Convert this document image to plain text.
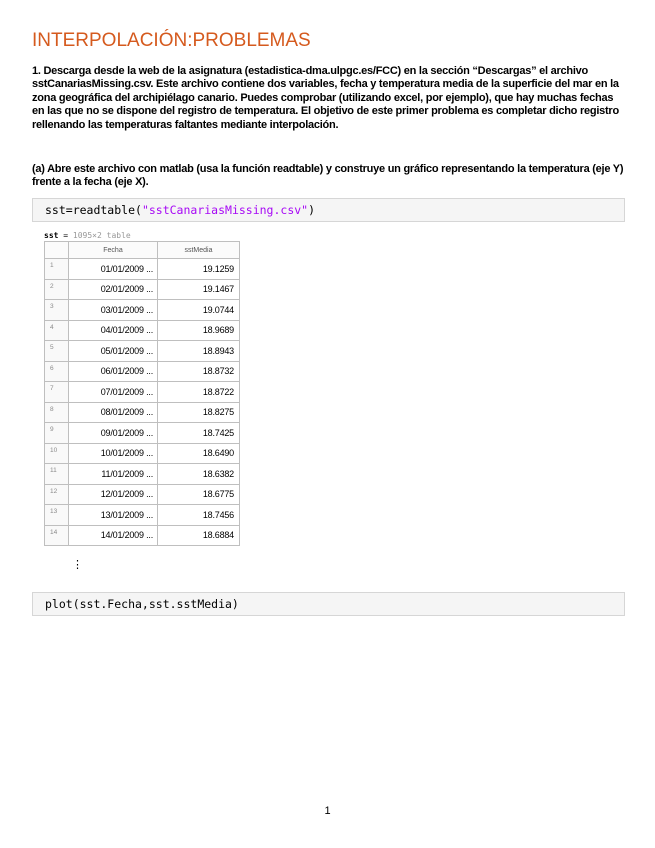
INTERPOLACIÓN:PROBLEMAS
1. Descarga desde la web de la asignatura (estadistica-dma.ulpgc.es/FCC) en la sección “Descargas” el archivo sstCanariasMissing.csv. Este archivo contiene dos variables, fecha y temperatura media de la superficie del mar en la zona geográfica del archipiélago canario. Puedes comprobar (utilizando excel, por ejemplo), que hay muchas fechas en las que no se dispone del registro de temperatura. El objetivo de este primer problema es completar dicho registro rellenando las temperaturas faltantes mediante interpolación.
(a) Abre este archivo con matlab (usa la función readtable) y construye un gráfico representando la temperatura (eje Y) frente a la fecha (eje X).
sst=readtable("sstCanariasMissing.csv")
sst = 1095×2 table
	Fecha	sstMedia
1	01/01/2009 ...	19.1259
2	02/01/2009 ...	19.1467
3	03/01/2009 ...	19.0744
4	04/01/2009 ...	18.9689
5	05/01/2009 ...	18.8943
6	06/01/2009 ...	18.8732
7	07/01/2009 ...	18.8722
8	08/01/2009 ...	18.8275
9	09/01/2009 ...	18.7425
10	10/01/2009 ...	18.6490
11	11/01/2009 ...	18.6382
12	12/01/2009 ...	18.6775
13	13/01/2009 ...	18.7456
14	14/01/2009 ...	18.6884
⋮
plot(sst.Fecha,sst.sstMedia)
1
